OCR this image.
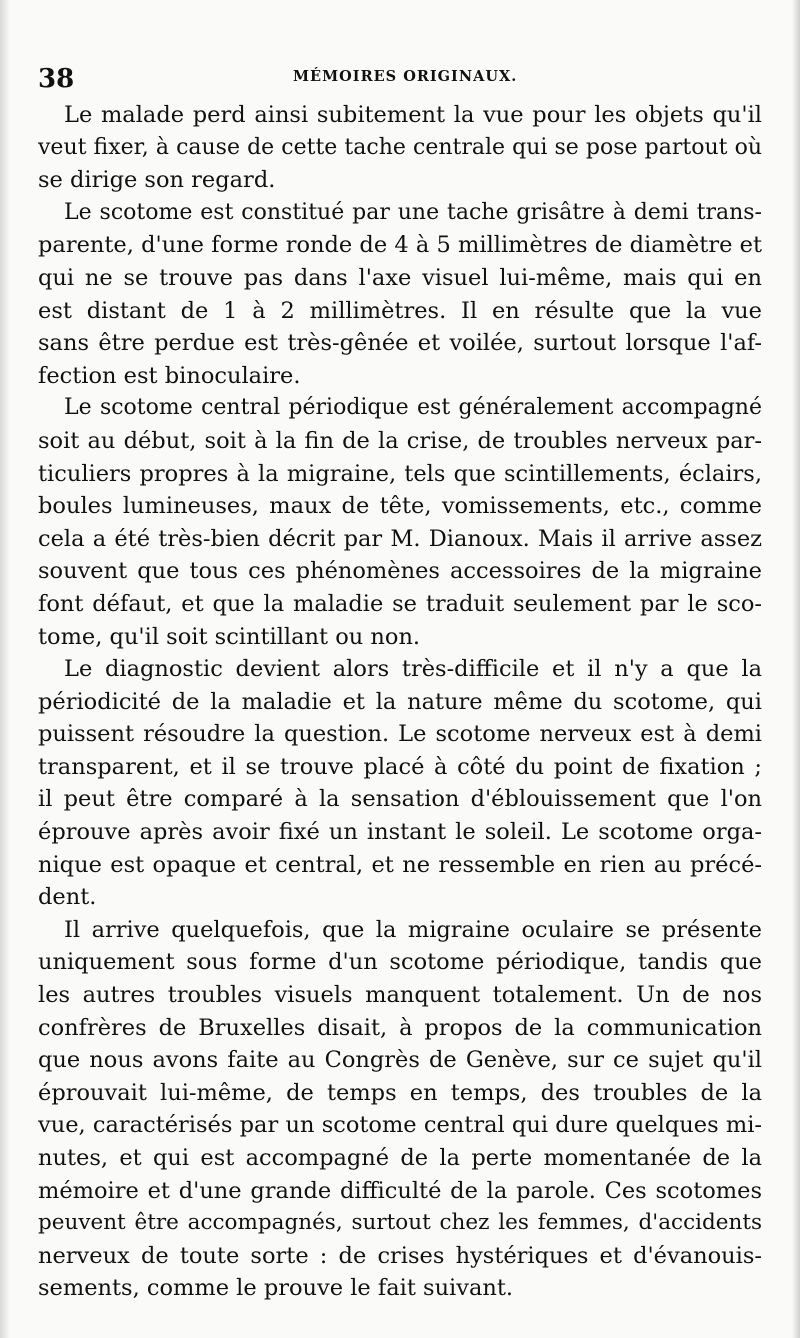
38	MÉMOIRES ORIGINAUX.
Le malade perd ainsi subitement la vue pour les objets qu'il
veut fixer, à cause de cette tache centrale qui se pose partout où
se dirige son regard.
Le scotome est constitué par une tache grisâtre à demi trans-
parente, d'une forme ronde de 4 à 5 millimètres de diamètre et
qui ne se trouve pas dans l'axe visuel lui-même, mais qui en
est distant de 1 à 2 millimètres. Il en résulte que la vue
sans être perdue est très-gênée et voilée, surtout lorsque l'af-
fection est binoculaire.
Le scotome central périodique est généralement accompagné
soit au début, soit à la fin de la crise, de troubles nerveux par-
ticuliers propres à la migraine, tels que scintillements, éclairs,
boules lumineuses, maux de tête, vomissements, etc., comme
cela a été très-bien décrit par M. Dianoux. Mais il arrive assez
souvent que tous ces phénomènes accessoires de la migraine
font défaut, et que la maladie se traduit seulement par le sco-
tome, qu'il soit scintillant ou non.
Le diagnostic devient alors très-difficile et il n'y a que la
périodicité de la maladie et la nature même du scotome, qui
puissent résoudre la question. Le scotome nerveux est à demi
transparent, et il se trouve placé à côté du point de fixation ;
il peut être comparé à la sensation d'éblouissement que l'on
éprouve après avoir fixé un instant le soleil. Le scotome orga-
nique est opaque et central, et ne ressemble en rien au précé-
dent.
Il arrive quelquefois, que la migraine oculaire se présente
uniquement sous forme d'un scotome périodique, tandis que
les autres troubles visuels manquent totalement. Un de nos
confrères de Bruxelles disait, à propos de la communication
que nous avons faite au Congrès de Genève, sur ce sujet qu'il
éprouvait lui-même, de temps en temps, des troubles de la
vue, caractérisés par un scotome central qui dure quelques mi-
nutes, et qui est accompagné de la perte momentanée de la
mémoire et d'une grande difficulté de la parole. Ces scotomes
peuvent être accompagnés, surtout chez les femmes, d'accidents
nerveux de toute sorte : de crises hystériques et d'évanouis-
sements, comme le prouve le fait suivant.
